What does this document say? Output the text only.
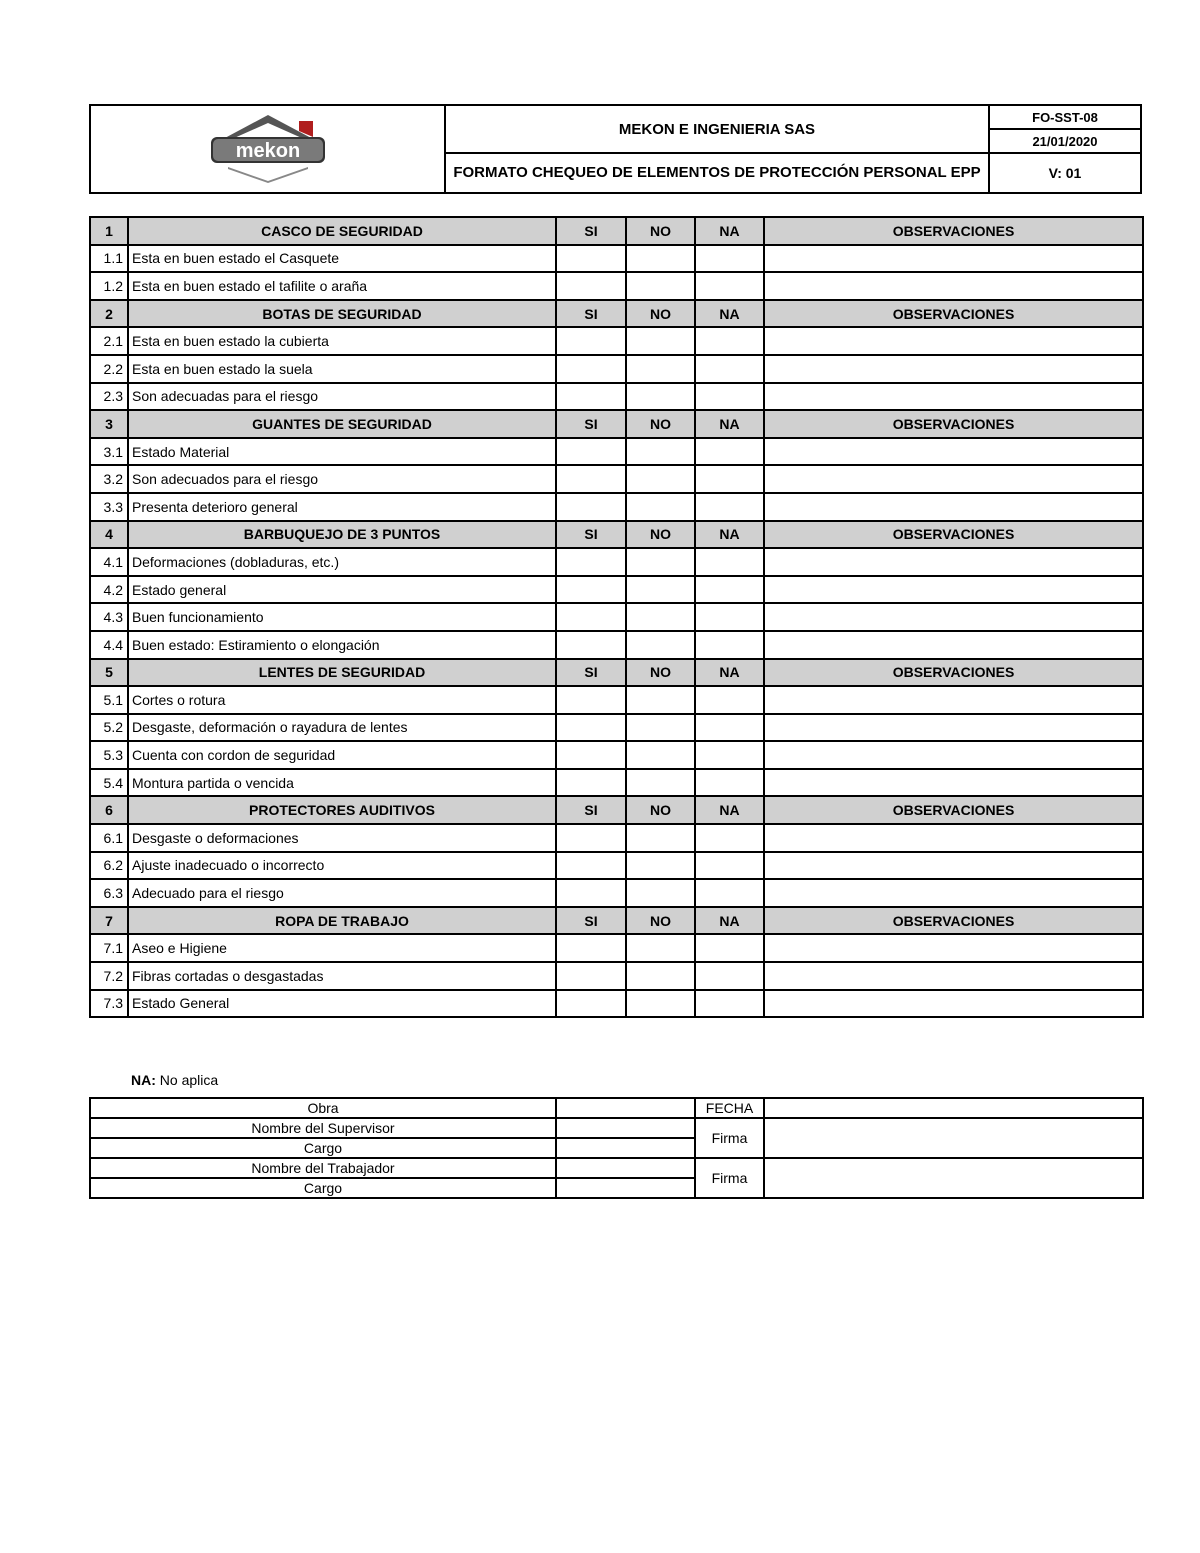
mekon	MEKON E INGENIERIA SAS	FO-SST-08
		21/01/2020
	FORMATO CHEQUEO DE ELEMENTOS DE PROTECCIÓN PERSONAL EPP	V: 01
1	CASCO DE SEGURIDAD	SI	NO	NA	OBSERVACIONES
1.1	Esta en buen estado el Casquete				
1.2	Esta en buen estado el tafilite o araña				
2	BOTAS DE SEGURIDAD	SI	NO	NA	OBSERVACIONES
2.1	Esta en buen estado la cubierta				
2.2	Esta en buen estado la suela				
2.3	Son adecuadas para el riesgo				
3	GUANTES DE SEGURIDAD	SI	NO	NA	OBSERVACIONES
3.1	Estado Material				
3.2	Son adecuados para el riesgo				
3.3	Presenta deterioro general				
4	BARBUQUEJO DE 3 PUNTOS	SI	NO	NA	OBSERVACIONES
4.1	Deformaciones (dobladuras, etc.)				
4.2	Estado general				
4.3	Buen funcionamiento				
4.4	Buen estado: Estiramiento o elongación				
5	LENTES DE SEGURIDAD	SI	NO	NA	OBSERVACIONES
5.1	Cortes o rotura				
5.2	Desgaste, deformación o rayadura de lentes				
5.3	Cuenta con cordon de seguridad				
5.4	Montura partida o vencida				
6	PROTECTORES AUDITIVOS	SI	NO	NA	OBSERVACIONES
6.1	Desgaste o deformaciones				
6.2	Ajuste inadecuado o incorrecto				
6.3	Adecuado para el riesgo				
7	ROPA DE TRABAJO	SI	NO	NA	OBSERVACIONES
7.1	Aseo e Higiene				
7.2	Fibras cortadas o desgastadas				
7.3	Estado General				
NA: No aplica
Obra		FECHA	
Nombre del Supervisor		Firma	
Cargo			
Nombre del Trabajador		Firma	
Cargo			
